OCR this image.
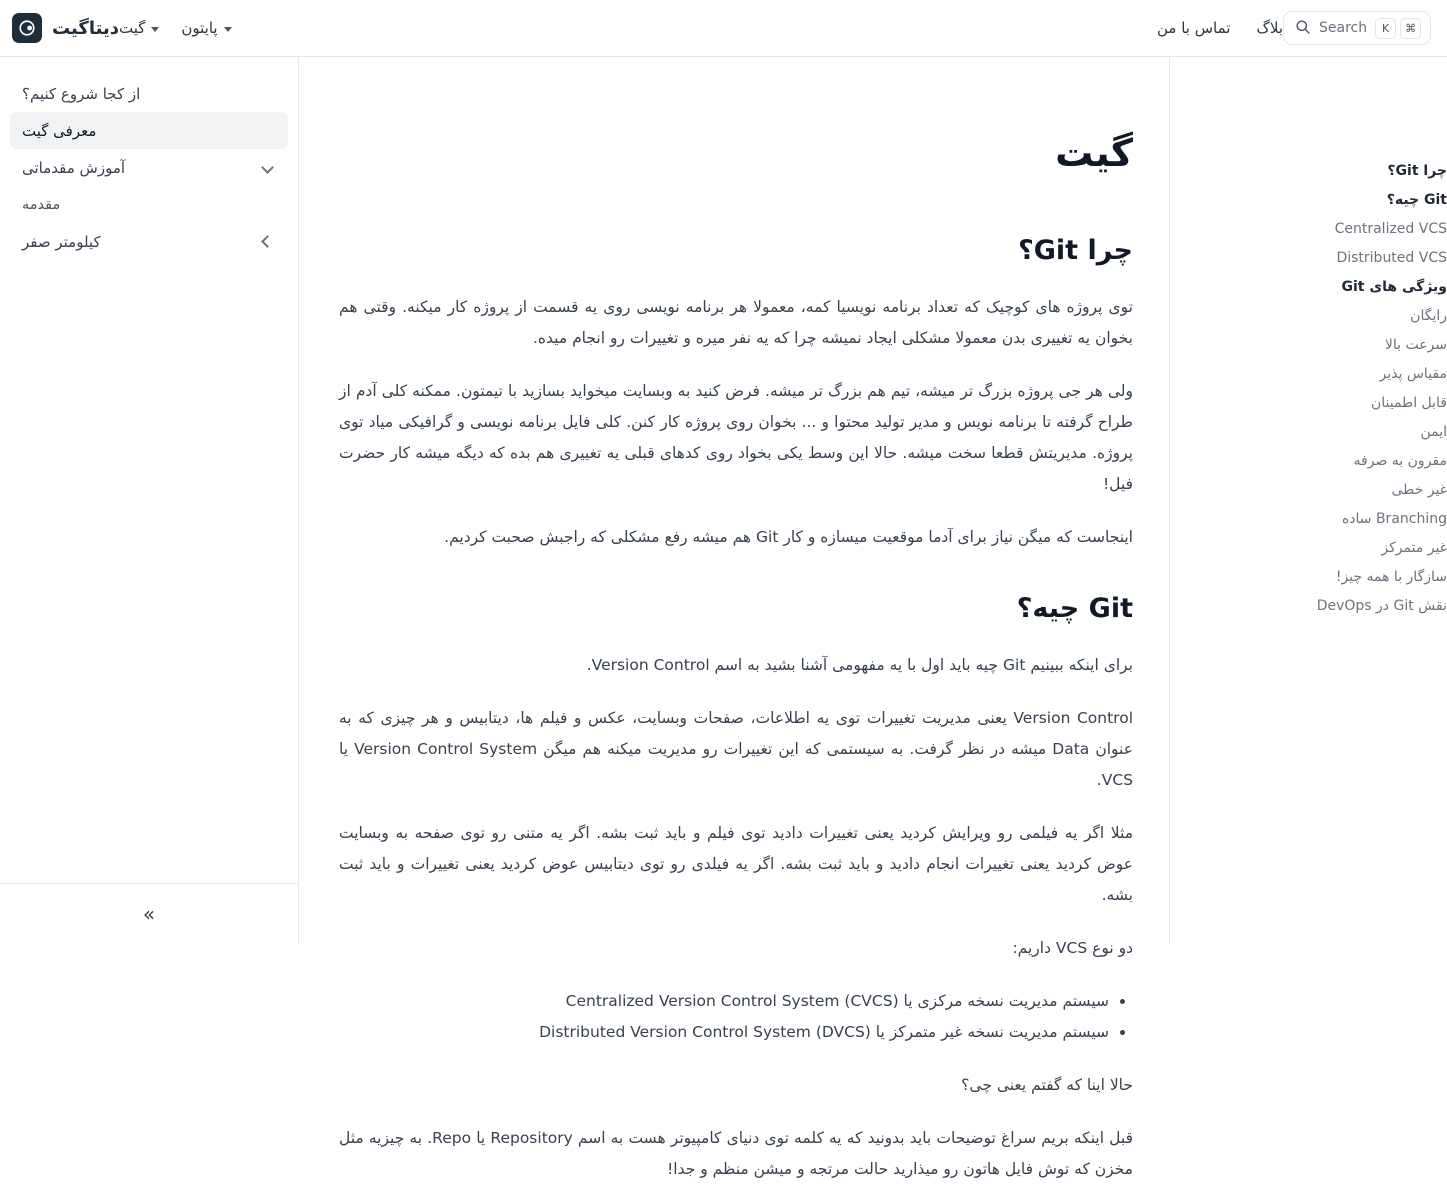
دیتاگیت گیت پایتون	تماس با من بلاگ	Search	⌘
K
چرا Git؟
Git چیه؟
Centralized VCS
Distributed VCS
ویژگی های Git
رایگان
سرعت بالا
مقیاس پذیر
قابل اطمینان
ایمن
مقرون به صرفه
غیر خطی
Branching ساده
غیر متمرکز
سازگار با همه چیز!
نقش Git در DevOps
گیت
چرا Git؟

توی پروژه های کوچیک که تعداد برنامه نویسیا کمه، معمولا هر برنامه نویسی روی یه قسمت از پروژه کار میکنه. وقتی هم بخوان یه تغییری بدن معمولا مشکلی ایجاد نمیشه چرا که یه نفر میره و تغییرات رو انجام میده.

ولی هر جی پروژه بزرگ تر میشه، تیم هم بزرگ تر میشه. فرض کنید به وبسایت میخواید بسازید با تیمتون. ممکنه کلی آدم از طراح گرفته تا برنامه نویس و مدیر تولید محتوا و ... بخوان روی پروژه کار کنن. کلی فایل برنامه نویسی و گرافیکی میاد توی پروژه. مدیریتش قطعا سخت میشه. حالا این وسط یکی بخواد روی کدهای قبلی یه تغییری هم بده که دیگه میشه کار حضرت فیل!

اینجاست که میگن نیاز برای آدما موقعیت میسازه و کار Git هم میشه رفع مشکلی که راجبش صحبت کردیم.

Git چیه؟

برای اینکه ببینیم Git چیه باید اول با یه مفهومی آشنا بشید به اسم Version Control.

Version Control یعنی مدیریت تغییرات توی یه اطلاعات، صفحات وبسایت، عکس و فیلم ها، دیتابیس و هر چیزی که به عنوان Data میشه در نظر گرفت. به سیستمی که این تغییرات رو مدیریت میکنه هم میگن Version Control System یا VCS.

مثلا اگر یه فیلمی رو ویرایش کردید یعنی تغییرات دادید توی فیلم و باید ثبت بشه. اگر یه متنی رو توی صفحه به وبسایت عوض کردید یعنی تغییرات انجام دادید و باید ثبت بشه. اگر یه فیلدی رو توی دیتابیس عوض کردید یعنی تغییرات و باید ثبت بشه.

دو نوع VCS داریم:

• سیستم مدیریت نسخه مرکزی یا Centralized Version Control System (CVCS)
• سیستم مدیریت نسخه غیر متمرکز یا Distributed Version Control System (DVCS)

حالا اینا که گفتم یعنی چی؟

قبل اینکه بریم سراغ توضیحات باید بدونید که یه کلمه توی دنیای کامپیوتر هست به اسم Repository یا Repo. به چیزیه مثل مخزن که توش فایل هاتون رو میذارید حالت مرتجه و میشن منظم و جدا!

از کجا شروع کنیم؟
معرفی گیت
آموزش مقدماتی
مقدمه
کیلومتر صفر
»
